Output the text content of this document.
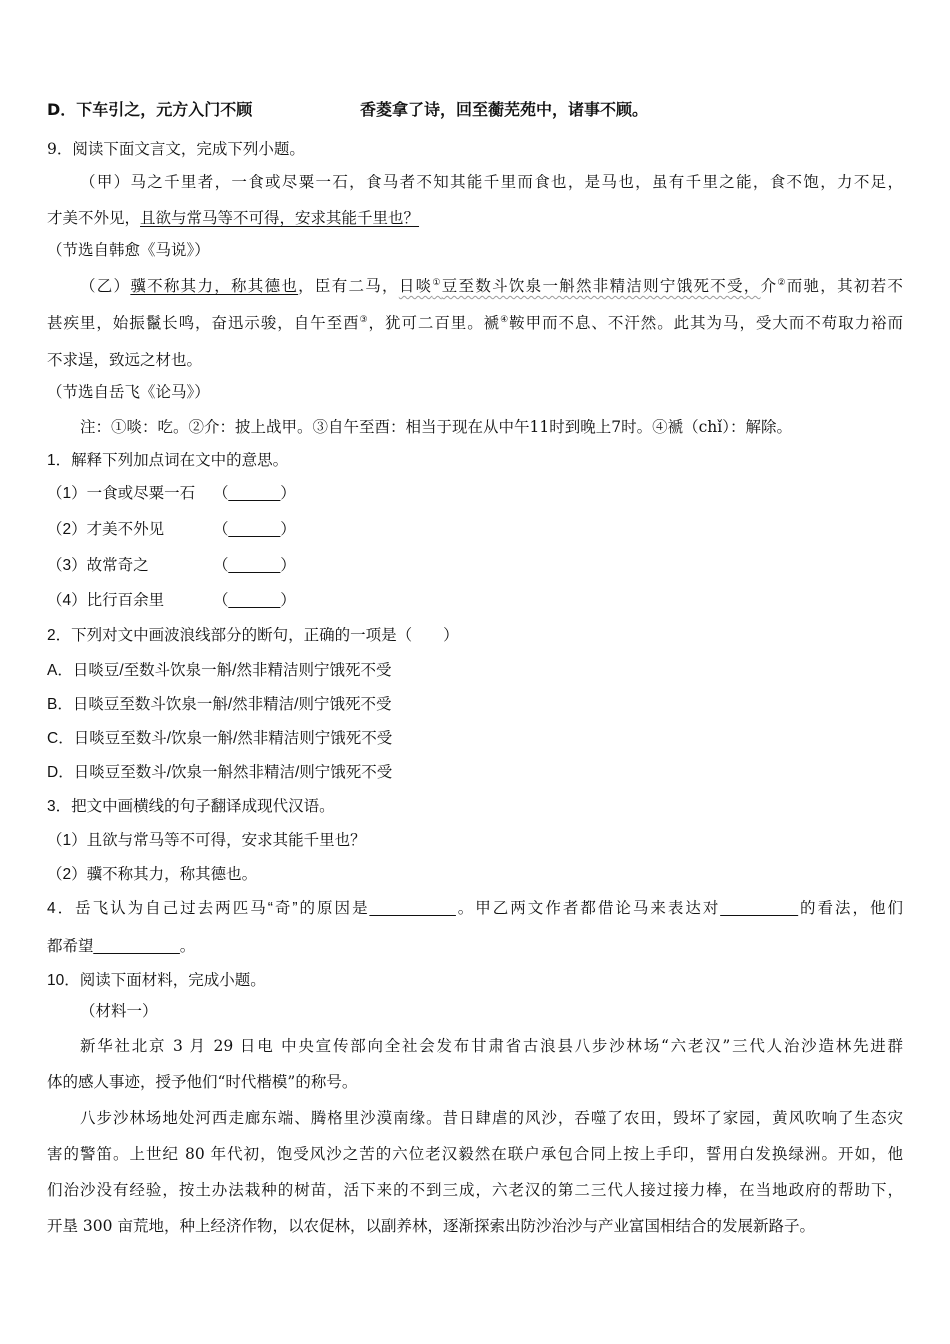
D．下车引之，元方入门不顾	香菱拿了诗，回至蘅芜苑中，诸事不顾。
9．阅读下面文言文，完成下列小题。
（甲）马之千里者，一食或尽粟一石，食马者不知其能千里而食也，是马也，虽有千里之能，食不饱，力不足，
才美不外见，且欲与常马等不可得，安求其能千里也？
（节选自韩愈《马说》）
（乙）骥不称其力，称其德也，臣有二马，日啖①豆至数斗饮泉一斛然非精洁则宁饿死不受，介②而驰，其初若不
甚疾里，始振鬣长鸣，奋迅示骏，自午至酉③，犹可二百里。褫④鞍甲而不息、不汗然。此其为马，受大而不苟取力裕而
不求逞，致远之材也。
（节选自岳飞《论马》）
注：①啖：吃。②介：披上战甲。③自午至酉：相当于现在从中午11时到晚上7时。④褫（chǐ）：解除。
1．解释下列加点词在文中的意思。
（1）一食或尽粟一石 （______）
（2）才美不外见	（______）
（3）故常奇之	（______）
（4）比行百余里	（______）
2．下列对文中画波浪线部分的断句，正确的一项是（　　）
A．日啖豆/至数斗饮泉一斛/然非精洁则宁饿死不受
B．日啖豆至数斗饮泉一斛/然非精洁/则宁饿死不受
C．日啖豆至数斗/饮泉一斛/然非精洁则宁饿死不受
D．日啖豆至数斗/饮泉一斛然非精洁/则宁饿死不受
3．把文中画横线的句子翻译成现代汉语。
（1）且欲与常马等不可得，安求其能千里也？
（2）骥不称其力，称其德也。
4．岳飞认为自己过去两匹马“奇”的原因是__________。甲乙两文作者都借论马来表达对_________的看法，他们
都希望__________。
10．阅读下面材料，完成小题。
（材料一）
新华社北京 3 月 29 日电 中央宣传部向全社会发布甘肃省古浪县八步沙林场“六老汉”三代人治沙造林先进群
体的感人事迹，授予他们“时代楷模”的称号。
八步沙林场地处河西走廊东端、腾格里沙漠南缘。昔日肆虐的风沙，吞噬了农田，毁坏了家园，黄风吹响了生态灾
害的警笛。上世纪 80 年代初，饱受风沙之苦的六位老汉毅然在联户承包合同上按上手印，誓用白发换绿洲。开如，他
们治沙没有经验，按土办法栽种的树苗，活下来的不到三成，六老汉的第二三代人接过接力棒，在当地政府的帮助下，
开垦 300 亩荒地，种上经济作物，以农促林，以副养林，逐渐探索出防沙治沙与产业富国相结合的发展新路子。
